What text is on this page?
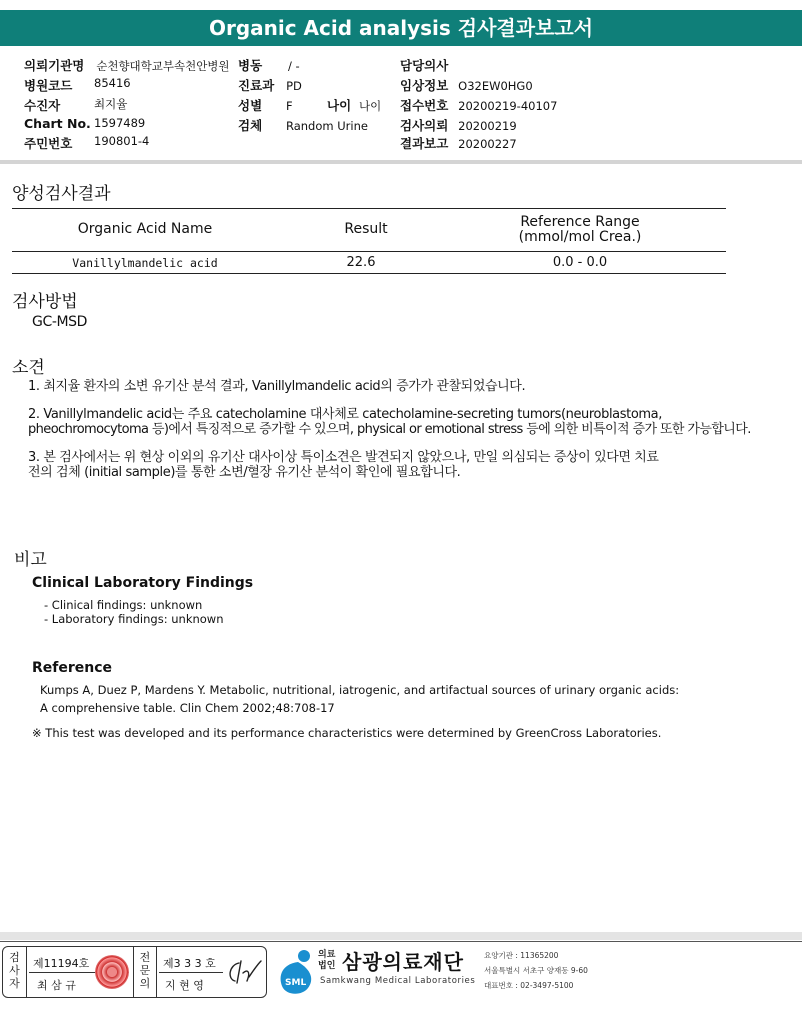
Organic Acid analysis 검사결과보고서
의뢰기관명 순천향대학교부속천안병원 병동 / -	담당의사
병원코드 85416	진료과 PD	임상정보 O32EW0HG0
수진자	최지율	성별 F	나이 나이 접수번호 20200219-40107
Chart No. 1597489	검체 Random Urine	검사의뢰 20200219
주민번호 190801-4	결과보고 20200227
양성검사결과
Organic Acid Name	Result	Reference Range
(mmol/mol Crea.)
Vanillylmandelic acid	22.6	0.0 - 0.0
검사방법
GC-MSD
소견
1. 최지율 환자의 소변 유기산 분석 결과, Vanillylmandelic acid의 증가가 관찰되었습니다.
2. Vanillylmandelic acid는 주요 catecholamine 대사체로 catecholamine-secreting tumors(neuroblastoma,
pheochromocytoma 등)에서 특징적으로 증가할 수 있으며, physical or emotional stress 등에 의한 비특이적 증가 또한 가능합니다.
3. 본 검사에서는 위 현상 이외의 유기산 대사이상 특이소견은 발견되지 않았으나, 만일 의심되는 증상이 있다면 치료
전의 검체 (initial sample)를 통한 소변/혈장 유기산 분석이 확인에 필요합니다.
비고
Clinical Laboratory Findings
- Clinical findings: unknown
- Laboratory findings: unknown
Reference
Kumps A, Duez P, Mardens Y. Metabolic, nutritional, iatrogenic, and artifactual sources of urinary organic acids:
A comprehensive table. Clin Chem 2002;48:708-17
※ This test was developed and its performance characteristics were determined by GreenCross Laboratories.
검
사
자
제11194호
최 삼 규
전
문
의
제3 3 3 호
지 현 영	SML
의료
법인 삼광의료재단
Samkwang Medical Laboratories
요양기관 : 11365200
서울특별시 서초구 양재동 9-60
대표번호 : 02-3497-5100
